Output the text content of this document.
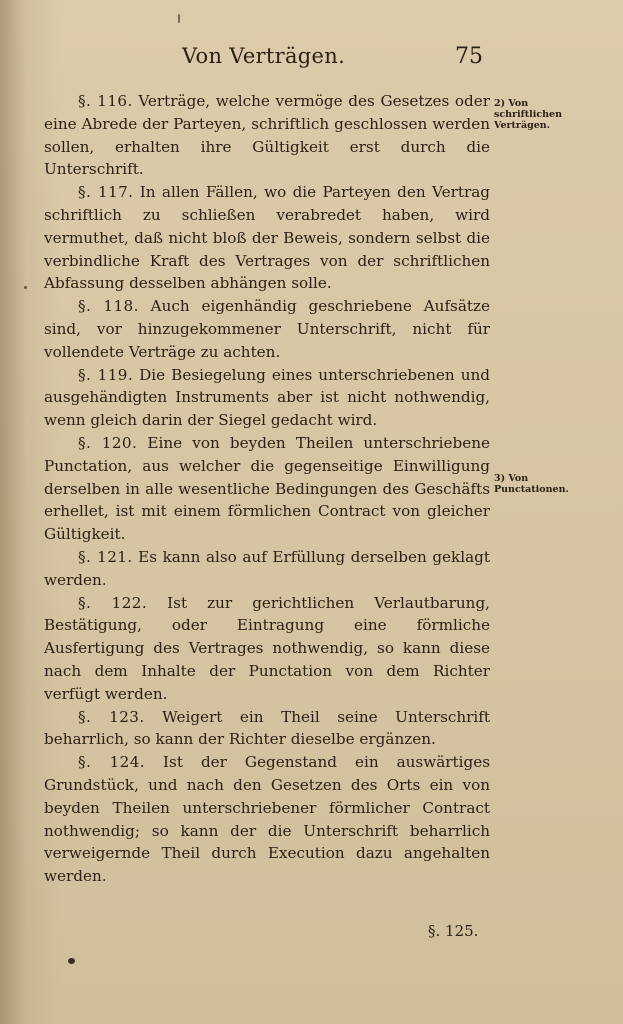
Von Verträgen.	75

§. 116. Verträge, welche vermöge des Gesetzes oder eine Abrede der Parteyen, schriftlich geschlossen werden sollen, erhalten ihre Gültigkeit erst durch die Unterschrift.

§. 117. In allen Fällen, wo die Parteyen den Vertrag schriftlich zu schließen verabredet haben, wird vermuthet, daß nicht bloß der Beweis, sondern selbst die verbindliche Kraft des Vertrages von der schriftlichen Abfassung desselben abhängen solle.

§. 118. Auch eigenhändig geschriebene Aufsätze sind, vor hinzugekommener Unterschrift, nicht für vollendete Verträge zu achten.

§. 119. Die Besiegelung eines unterschriebenen und ausgehändigten Instruments aber ist nicht nothwendig, wenn gleich darin der Siegel gedacht wird.

§. 120. Eine von beyden Theilen unterschriebene Punctation, aus welcher die gegenseitige Einwilligung derselben in alle wesentliche Bedingungen des Geschäfts erhellet, ist mit einem förmlichen Contract von gleicher Gültigkeit.

§. 121. Es kann also auf Erfüllung derselben geklagt werden.

§. 122. Ist zur gerichtlichen Verlautbarung, Bestätigung, oder Eintragung eine förmliche Ausfertigung des Vertrages nothwendig, so kann diese nach dem Inhalte der Punctation von dem Richter verfügt werden.

§. 123. Weigert ein Theil seine Unterschrift beharrlich, so kann der Richter dieselbe ergänzen.

§. 124. Ist der Gegenstand ein auswärtiges Grundstück, und nach den Gesetzen des Orts ein von beyden Theilen unterschriebener förmlicher Contract nothwendig; so kann der die Unterschrift beharrlich verweigernde Theil durch Execution dazu angehalten werden.

2) Von schriftlichen Verträgen.
3) Von Punctationen.
§. 125.
